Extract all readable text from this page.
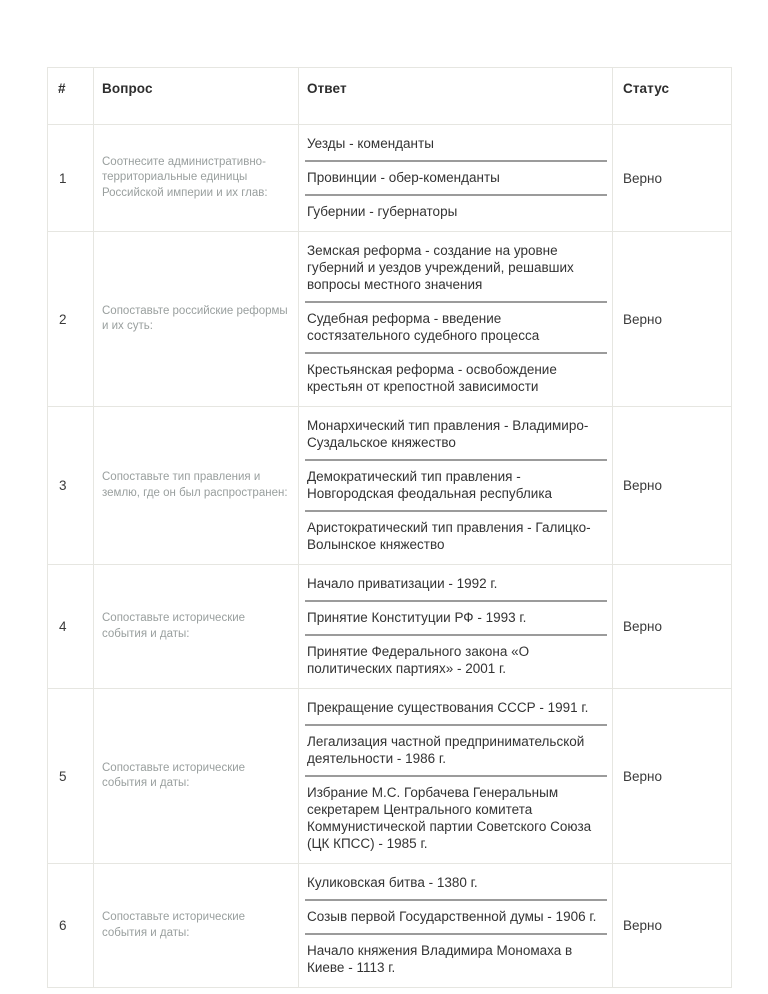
#	Вопрос	Ответ	Статус
1	Соотнесите административно-территориальные единицы Российской империи и их глав:	Уезды - коменданты
Провинции - обер-коменданты
Губернии - губернаторы	Верно
2	Сопоставьте российские реформы и их суть:	Земская реформа - создание на уровне губерний и уездов учреждений, решавших вопросы местного значения
Судебная реформа - введение состязательного судебного процесса
Крестьянская реформа - освобождение крестьян от крепостной зависимости	Верно
3	Сопоставьте тип правления и землю, где он был распространен:	Монархический тип правления - Владимиро-Суздальское княжество
Демократический тип правления - Новгородская феодальная республика
Аристократический тип правления - Галицко-Волынское княжество	Верно
4	Сопоставьте исторические события и даты:	Начало приватизации - 1992 г.
Принятие Конституции РФ - 1993 г.
Принятие Федерального закона «О политических партиях» - 2001 г.	Верно
5	Сопоставьте исторические события и даты:	Прекращение существования СССР - 1991 г.
Легализация частной предпринимательской деятельности - 1986 г.
Избрание М.С. Горбачева Генеральным секретарем Центрального комитета Коммунистической партии Советского Союза (ЦК КПСС) - 1985 г.	Верно
6	Сопоставьте исторические события и даты:	Куликовская битва - 1380 г.
Созыв первой Государственной думы - 1906 г.
Начало княжения Владимира Мономаха в Киеве - 1113 г.	Верно
